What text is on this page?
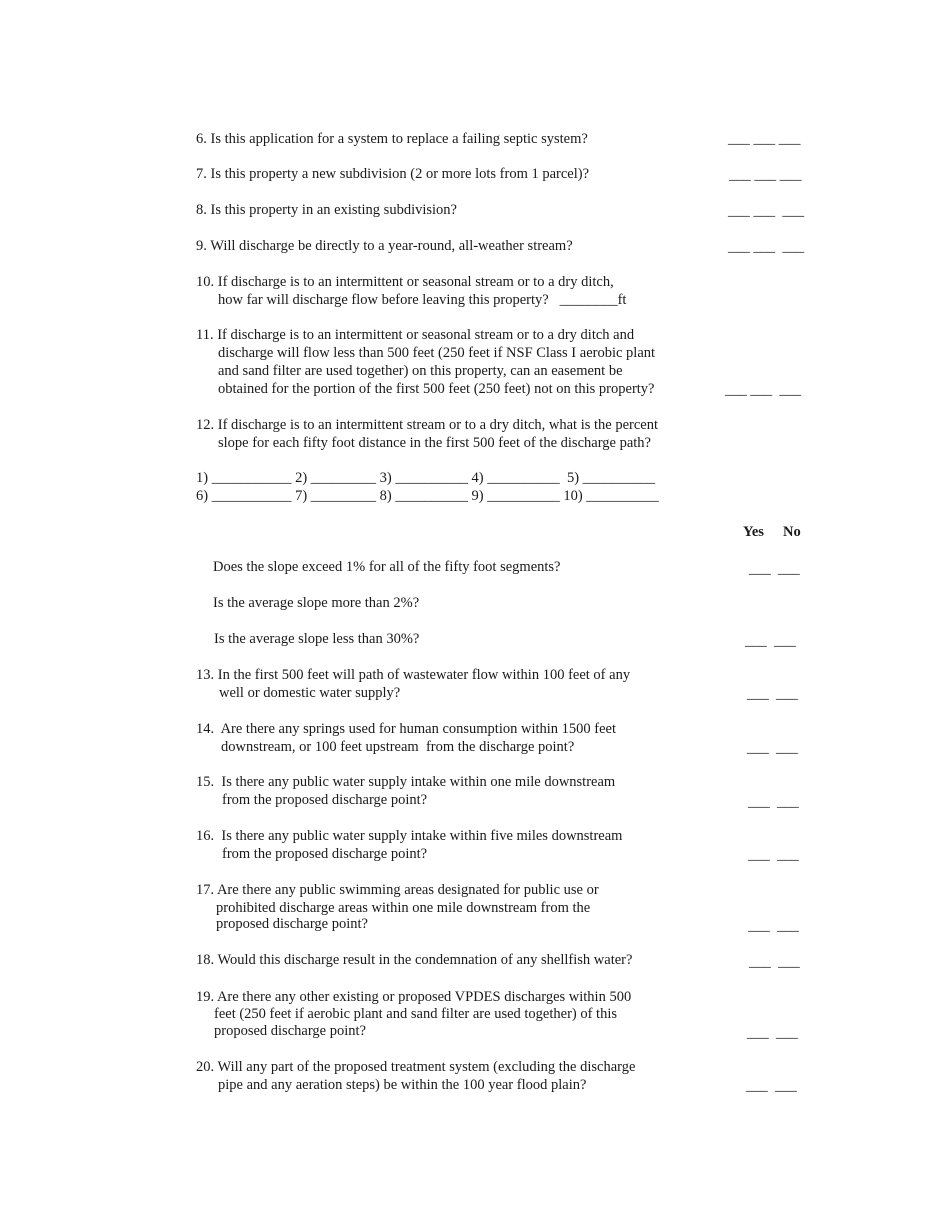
6. Is this application for a system to replace a failing septic system?	___ ___ ___
7. Is this property a new subdivision (2 or more lots from 1 parcel)?	___ ___ ___
8. Is this property in an existing subdivision?	___ ___  ___
9. Will discharge be directly to a year-round, all-weather stream?	___ ___  ___
10. If discharge is to an intermittent or seasonal stream or to a dry ditch,
how far will discharge flow before leaving this property?   ________ft
11. If discharge is to an intermittent or seasonal stream or to a dry ditch and
discharge will flow less than 500 feet (250 feet if NSF Class I aerobic plant
and sand filter are used together) on this property, can an easement be
obtained for the portion of the first 500 feet (250 feet) not on this property?	___ ___  ___
12. If discharge is to an intermittent stream or to a dry ditch, what is the percent
slope for each fifty foot distance in the first 500 feet of the discharge path?
1) ___________ 2) _________ 3) __________ 4) __________  5) __________
6) ___________ 7) _________ 8) __________ 9) __________ 10) __________
Yes No
Does the slope exceed 1% for all of the fifty foot segments?	___  ___
Is the average slope more than 2%?
Is the average slope less than 30%?	___  ___
13. In the first 500 feet will path of wastewater flow within 100 feet of any
well or domestic water supply?	___  ___
14.  Are there any springs used for human consumption within 1500 feet
downstream, or 100 feet upstream  from the discharge point?	___  ___
15.  Is there any public water supply intake within one mile downstream
from the proposed discharge point?	___  ___
16.  Is there any public water supply intake within five miles downstream
from the proposed discharge point?	___  ___
17. Are there any public swimming areas designated for public use or
prohibited discharge areas within one mile downstream from the
proposed discharge point?	___  ___
18. Would this discharge result in the condemnation of any shellfish water?	___  ___
19. Are there any other existing or proposed VPDES discharges within 500
feet (250 feet if aerobic plant and sand filter are used together) of this
proposed discharge point?	___  ___
20. Will any part of the proposed treatment system (excluding the discharge
pipe and any aeration steps) be within the 100 year flood plain?	___  ___
